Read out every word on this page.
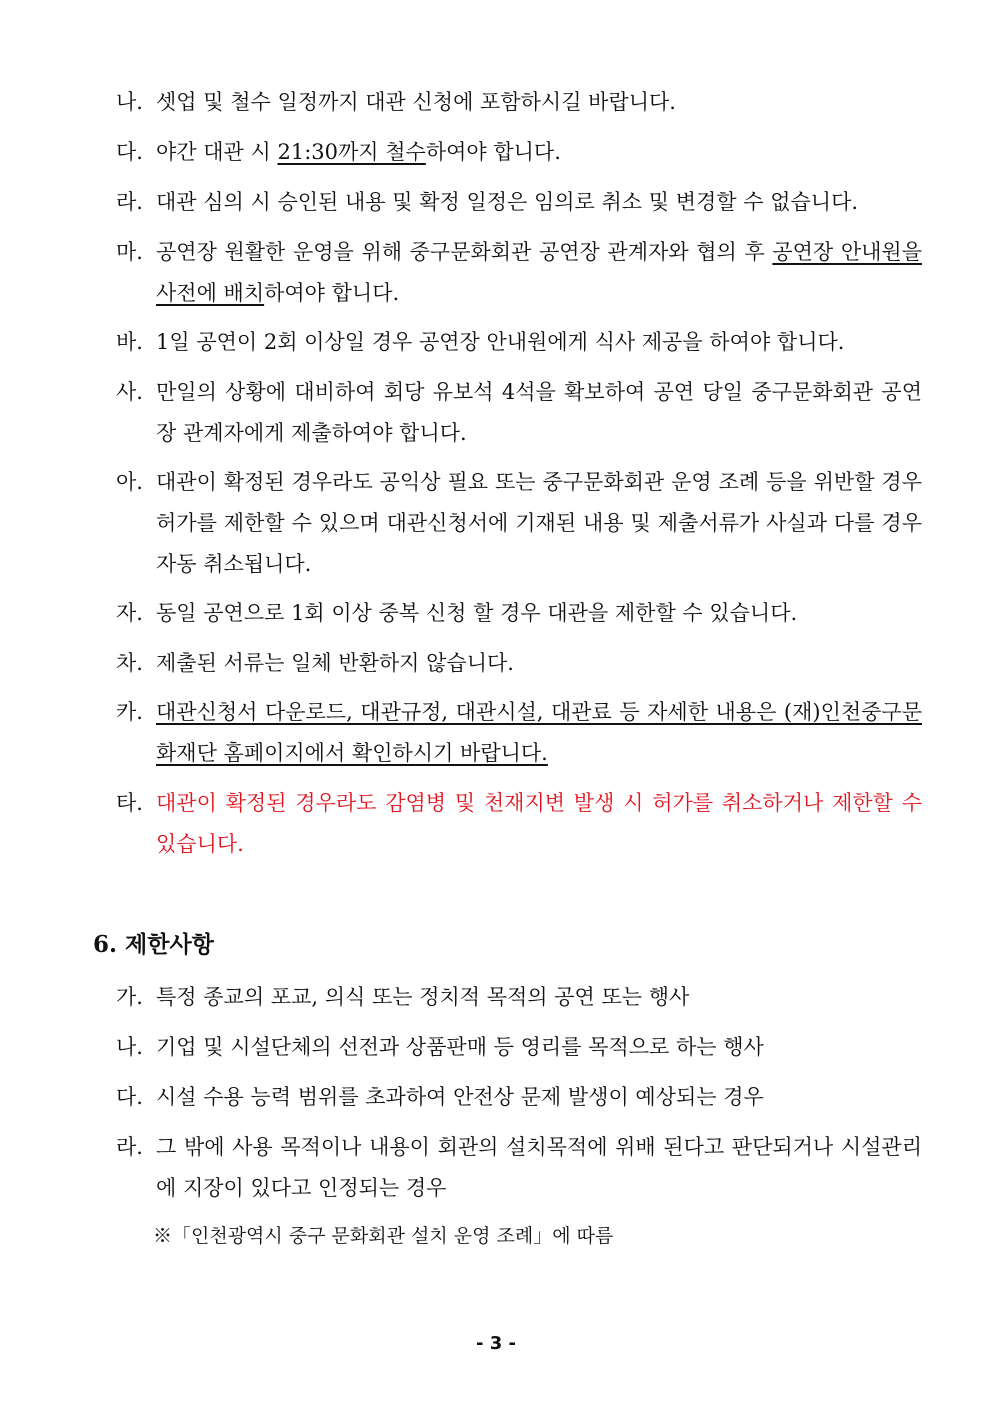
나. 셋업 및 철수 일정까지 대관 신청에 포함하시길 바랍니다.
다. 야간 대관 시 21:30까지 철수하여야 합니다.
라. 대관 심의 시 승인된 내용 및 확정 일정은 임의로 취소 및 변경할 수 없습니다.
마. 공연장 원활한 운영을 위해 중구문화회관 공연장 관계자와 협의 후 공연장 안내원을 사전에 배치하여야 합니다.
바. 1일 공연이 2회 이상일 경우 공연장 안내원에게 식사 제공을 하여야 합니다.
사. 만일의 상황에 대비하여 회당 유보석 4석을 확보하여 공연 당일 중구문화회관 공연장 관계자에게 제출하여야 합니다.
아. 대관이 확정된 경우라도 공익상 필요 또는 중구문화회관 운영 조례 등을 위반할 경우 허가를 제한할 수 있으며 대관신청서에 기재된 내용 및 제출서류가 사실과 다를 경우 자동 취소됩니다.
자. 동일 공연으로 1회 이상 중복 신청 할 경우 대관을 제한할 수 있습니다.
차. 제출된 서류는 일체 반환하지 않습니다.
카. 대관신청서 다운로드, 대관규정, 대관시설, 대관료 등 자세한 내용은 (재)인천중구문화재단 홈페이지에서 확인하시기 바랍니다.
타. 대관이 확정된 경우라도 감염병 및 천재지변 발생 시 허가를 취소하거나 제한할 수 있습니다.
6. 제한사항
가. 특정 종교의 포교, 의식 또는 정치적 목적의 공연 또는 행사
나. 기업 및 시설단체의 선전과 상품판매 등 영리를 목적으로 하는 행사
다. 시설 수용 능력 범위를 초과하여 안전상 문제 발생이 예상되는 경우
라. 그 밖에 사용 목적이나 내용이 회관의 설치목적에 위배 된다고 판단되거나 시설관리에 지장이 있다고 인정되는 경우
※「인천광역시 중구 문화회관 설치 운영 조례」에 따름
- 3 -
